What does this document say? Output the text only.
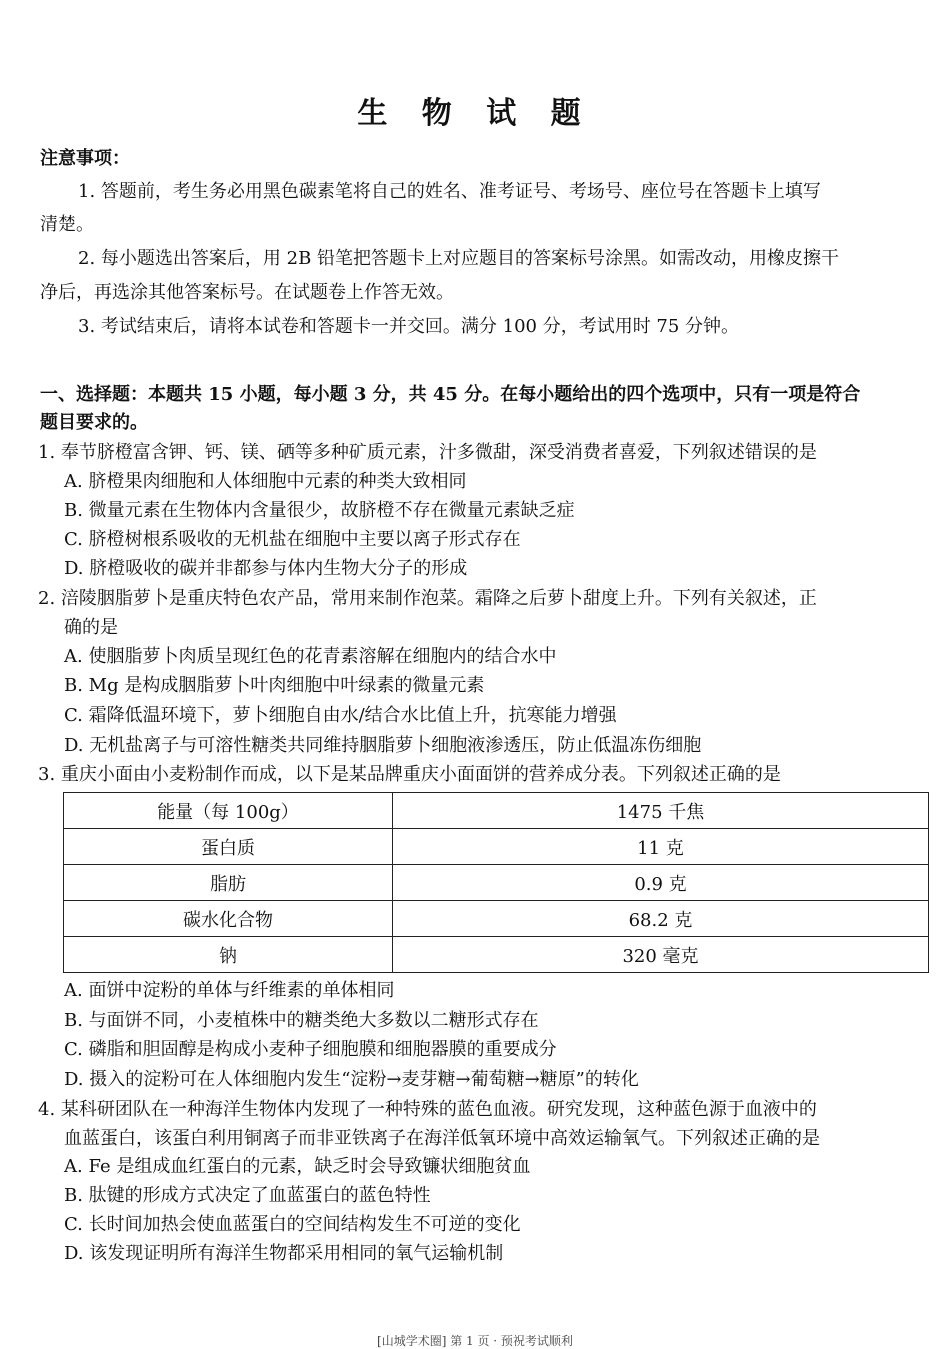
生 物 试 题
注意事项：
1. 答题前，考生务必用黑色碳素笔将自己的姓名、准考证号、考场号、座位号在答题卡上填写
清楚。
2. 每小题选出答案后，用 2B 铅笔把答题卡上对应题目的答案标号涂黑。如需改动，用橡皮擦干
净后，再选涂其他答案标号。在试题卷上作答无效。
3. 考试结束后，请将本试卷和答题卡一并交回。满分 100 分，考试用时 75 分钟。
一、选择题：本题共 15 小题，每小题 3 分，共 45 分。在每小题给出的四个选项中，只有一项是符合
题目要求的。
1. 奉节脐橙富含钾、钙、镁、硒等多种矿质元素，汁多微甜，深受消费者喜爱，下列叙述错误的是
A. 脐橙果肉细胞和人体细胞中元素的种类大致相同
B. 微量元素在生物体内含量很少，故脐橙不存在微量元素缺乏症
C. 脐橙树根系吸收的无机盐在细胞中主要以离子形式存在
D. 脐橙吸收的碳并非都参与体内生物大分子的形成
2. 涪陵胭脂萝卜是重庆特色农产品，常用来制作泡菜。霜降之后萝卜甜度上升。下列有关叙述，正
确的是
A. 使胭脂萝卜肉质呈现红色的花青素溶解在细胞内的结合水中
B. Mg 是构成胭脂萝卜叶肉细胞中叶绿素的微量元素
C. 霜降低温环境下，萝卜细胞自由水/结合水比值上升，抗寒能力增强
D. 无机盐离子与可溶性糖类共同维持胭脂萝卜细胞液渗透压，防止低温冻伤细胞
3. 重庆小面由小麦粉制作而成，以下是某品牌重庆小面面饼的营养成分表。下列叙述正确的是
能量（每 100g）	1475 千焦
蛋白质	11 克
脂肪	0.9 克
碳水化合物	68.2 克
钠	320 毫克
A. 面饼中淀粉的单体与纤维素的单体相同
B. 与面饼不同，小麦植株中的糖类绝大多数以二糖形式存在
C. 磷脂和胆固醇是构成小麦种子细胞膜和细胞器膜的重要成分
D. 摄入的淀粉可在人体细胞内发生“淀粉→麦芽糖→葡萄糖→糖原”的转化
4. 某科研团队在一种海洋生物体内发现了一种特殊的蓝色血液。研究发现，这种蓝色源于血液中的
血蓝蛋白，该蛋白利用铜离子而非亚铁离子在海洋低氧环境中高效运输氧气。下列叙述正确的是
A. Fe 是组成血红蛋白的元素，缺乏时会导致镰状细胞贫血
B. 肽键的形成方式决定了血蓝蛋白的蓝色特性
C. 长时间加热会使血蓝蛋白的空间结构发生不可逆的变化
D. 该发现证明所有海洋生物都采用相同的氧气运输机制
[山城学术圈] 第 1 页 · 预祝考试顺利
